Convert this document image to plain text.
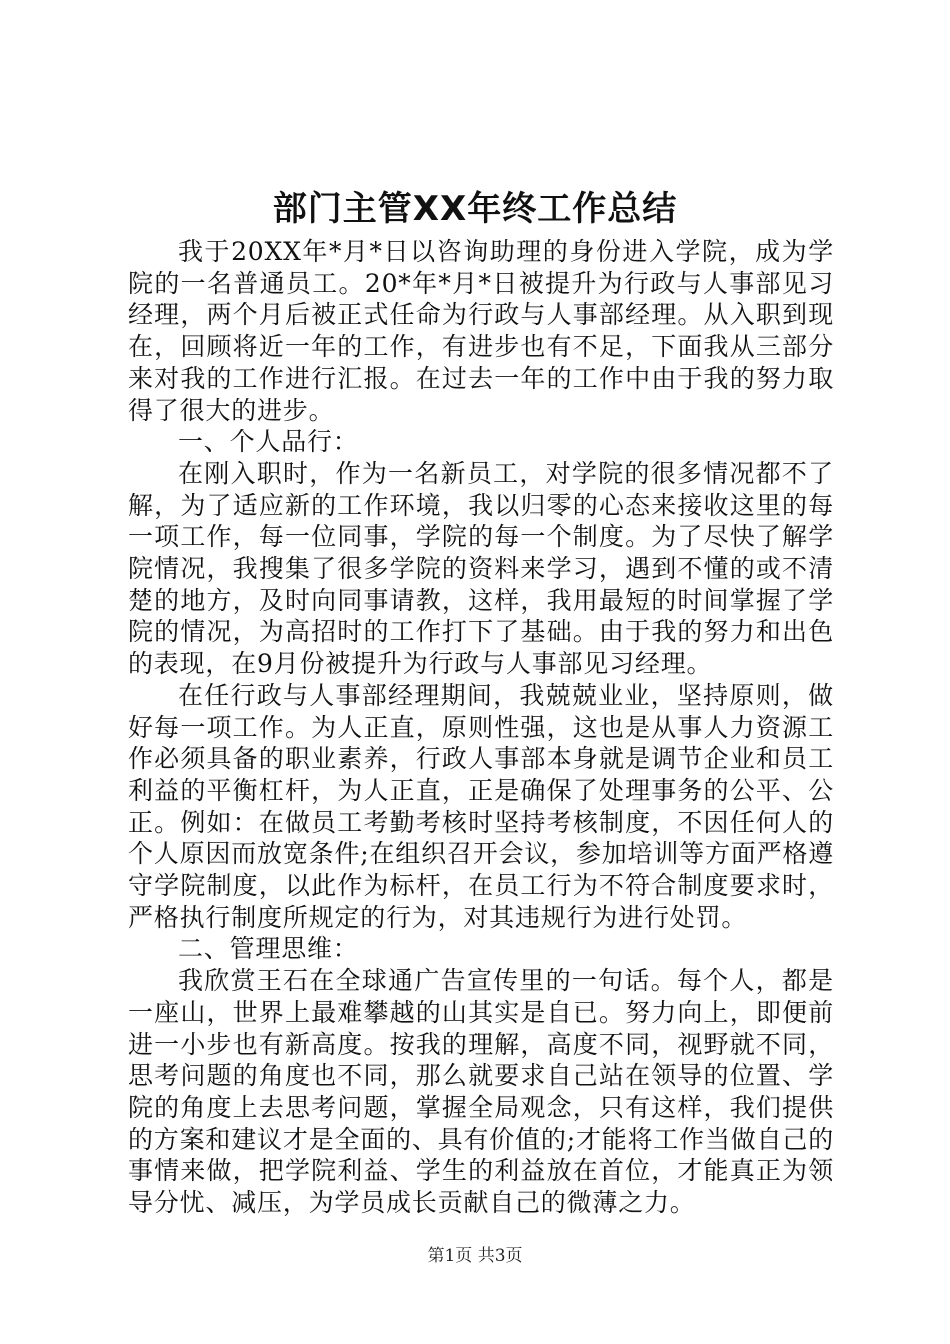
部门主管XX年终工作总结

我于20XX年*月*日以咨询助理的身份进入学院，成为学院的一名普通员工。20*年*月*日被提升为行政与人事部见习经理，两个月后被正式任命为行政与人事部经理。从入职到现在，回顾将近一年的工作，有进步也有不足，下面我从三部分来对我的工作进行汇报。在过去一年的工作中由于我的努力取得了很大的进步。

一、个人品行：

在刚入职时，作为一名新员工，对学院的很多情况都不了解，为了适应新的工作环境，我以归零的心态来接收这里的每一项工作，每一位同事，学院的每一个制度。为了尽快了解学院情况，我搜集了很多学院的资料来学习，遇到不懂的或不清楚的地方，及时向同事请教，这样，我用最短的时间掌握了学院的情况，为高招时的工作打下了基础。由于我的努力和出色的表现，在9月份被提升为行政与人事部见习经理。

在任行政与人事部经理期间，我兢兢业业，坚持原则，做好每一项工作。为人正直，原则性强，这也是从事人力资源工作必须具备的职业素养，行政人事部本身就是调节企业和员工利益的平衡杠杆，为人正直，正是确保了处理事务的公平、公正。例如：在做员工考勤考核时坚持考核制度，不因任何人的个人原因而放宽条件;在组织召开会议，参加培训等方面严格遵守学院制度，以此作为标杆，在员工行为不符合制度要求时，严格执行制度所规定的行为，对其违规行为进行处罚。

二、管理思维：

我欣赏王石在全球通广告宣传里的一句话。每个人，都是一座山，世界上最难攀越的山其实是自已。努力向上，即便前进一小步也有新高度。按我的理解，高度不同，视野就不同，思考问题的角度也不同，那么就要求自己站在领导的位置、学院的角度上去思考问题，掌握全局观念，只有这样，我们提供的方案和建议才是全面的、具有价值的;才能将工作当做自己的事情来做，把学院利益、学生的利益放在首位，才能真正为领导分忧、减压，为学员成长贡献自己的微薄之力。

第1页 共3页
